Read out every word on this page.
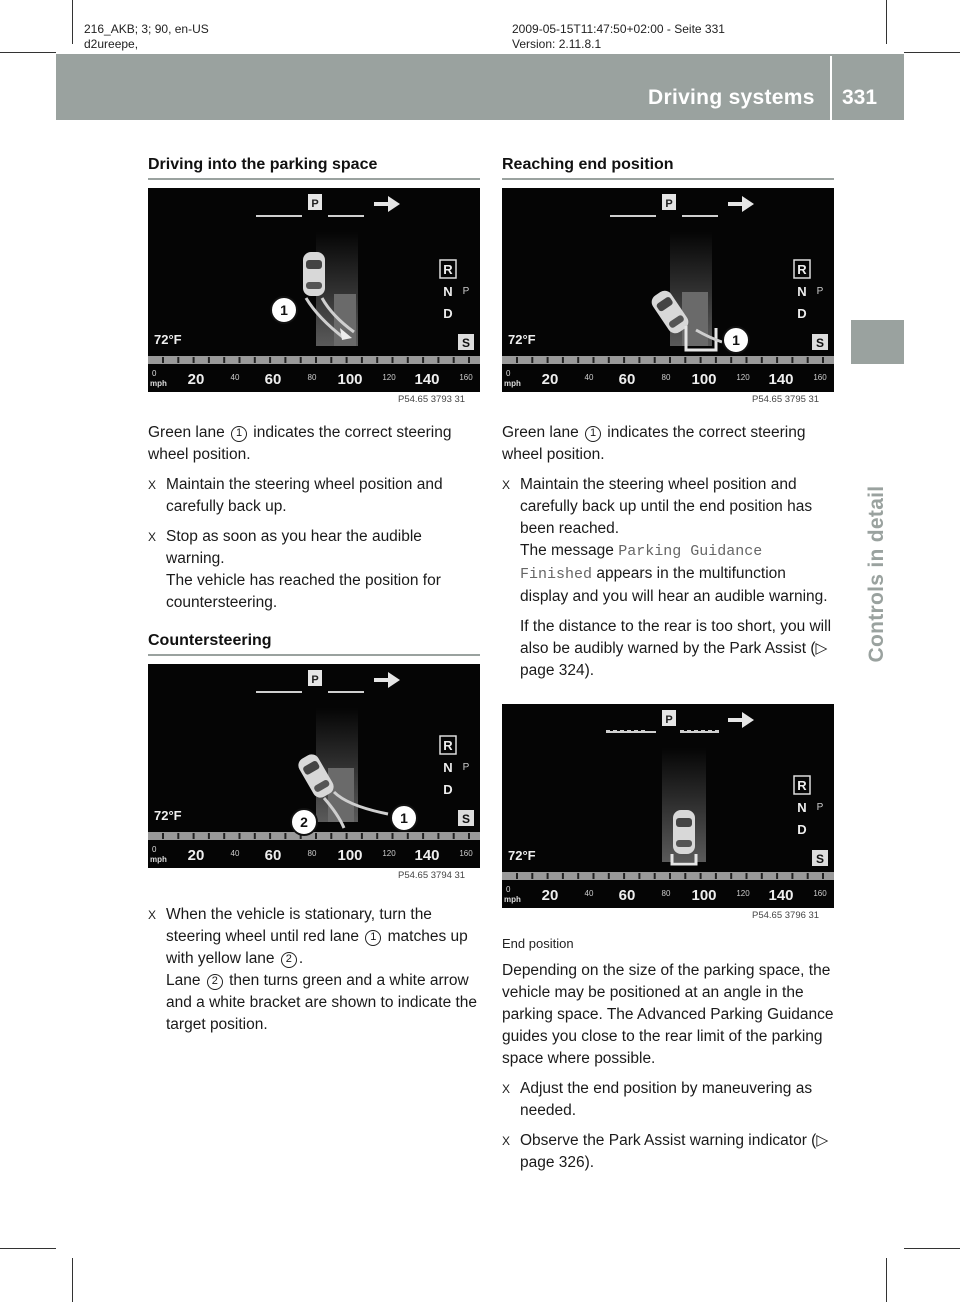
216_AKB; 3; 90, en-US
d2ureepe,
2009-05-15T11:47:50+02:00 - Seite 331
Version: 2.11.8.1
Driving systems 331
Controls in detail
Driving into the parking space
P
R
N
D
P
72°F	S
0
mph 20	60	100	140
40	80	120	160
1
P54.65 3793 31

Green lane 1 indicates the correct steering wheel position.

X Maintain the steering wheel position and carefully back up.
X Stop as soon as you hear the audible warning.
The vehicle has reached the position for countersteering.
Countersteering
P
R
N
D
P
72°F	S
0
mph 20	60	100	140
40	80	120	160
2	1
P54.65 3794 31
X When the vehicle is stationary, turn the steering wheel until red lane 1 matches up with yellow lane 2 .
Lane 2 then turns green and a white arrow and a white bracket are shown to indicate the target position.
Reaching end position
P
R
N
D
P
72°F	S
0
mph 20	60	100	140
40	80	120	160
1
P54.65 3795 31

Green lane 1 indicates the correct steering wheel position.

X Maintain the steering wheel position and carefully back up until the end position has been reached.
The message Parking Guidance
Finished appears in the multifunction display and you will hear an audible warning.
If the distance to the rear is too short, you will also be audibly warned by the Park Assist (▷ page 324).
P
R
N
D
P
72°F	S
0
mph 20	60	100	140
40	80	120	160
P54.65 3796 31
End position

Depending on the size of the parking space, the vehicle may be positioned at an angle in the parking space. The Advanced Parking Guidance guides you close to the rear limit of the parking space where possible.

X Adjust the end position by maneuvering as needed.
X Observe the Park Assist warning indicator (▷ page 326).
